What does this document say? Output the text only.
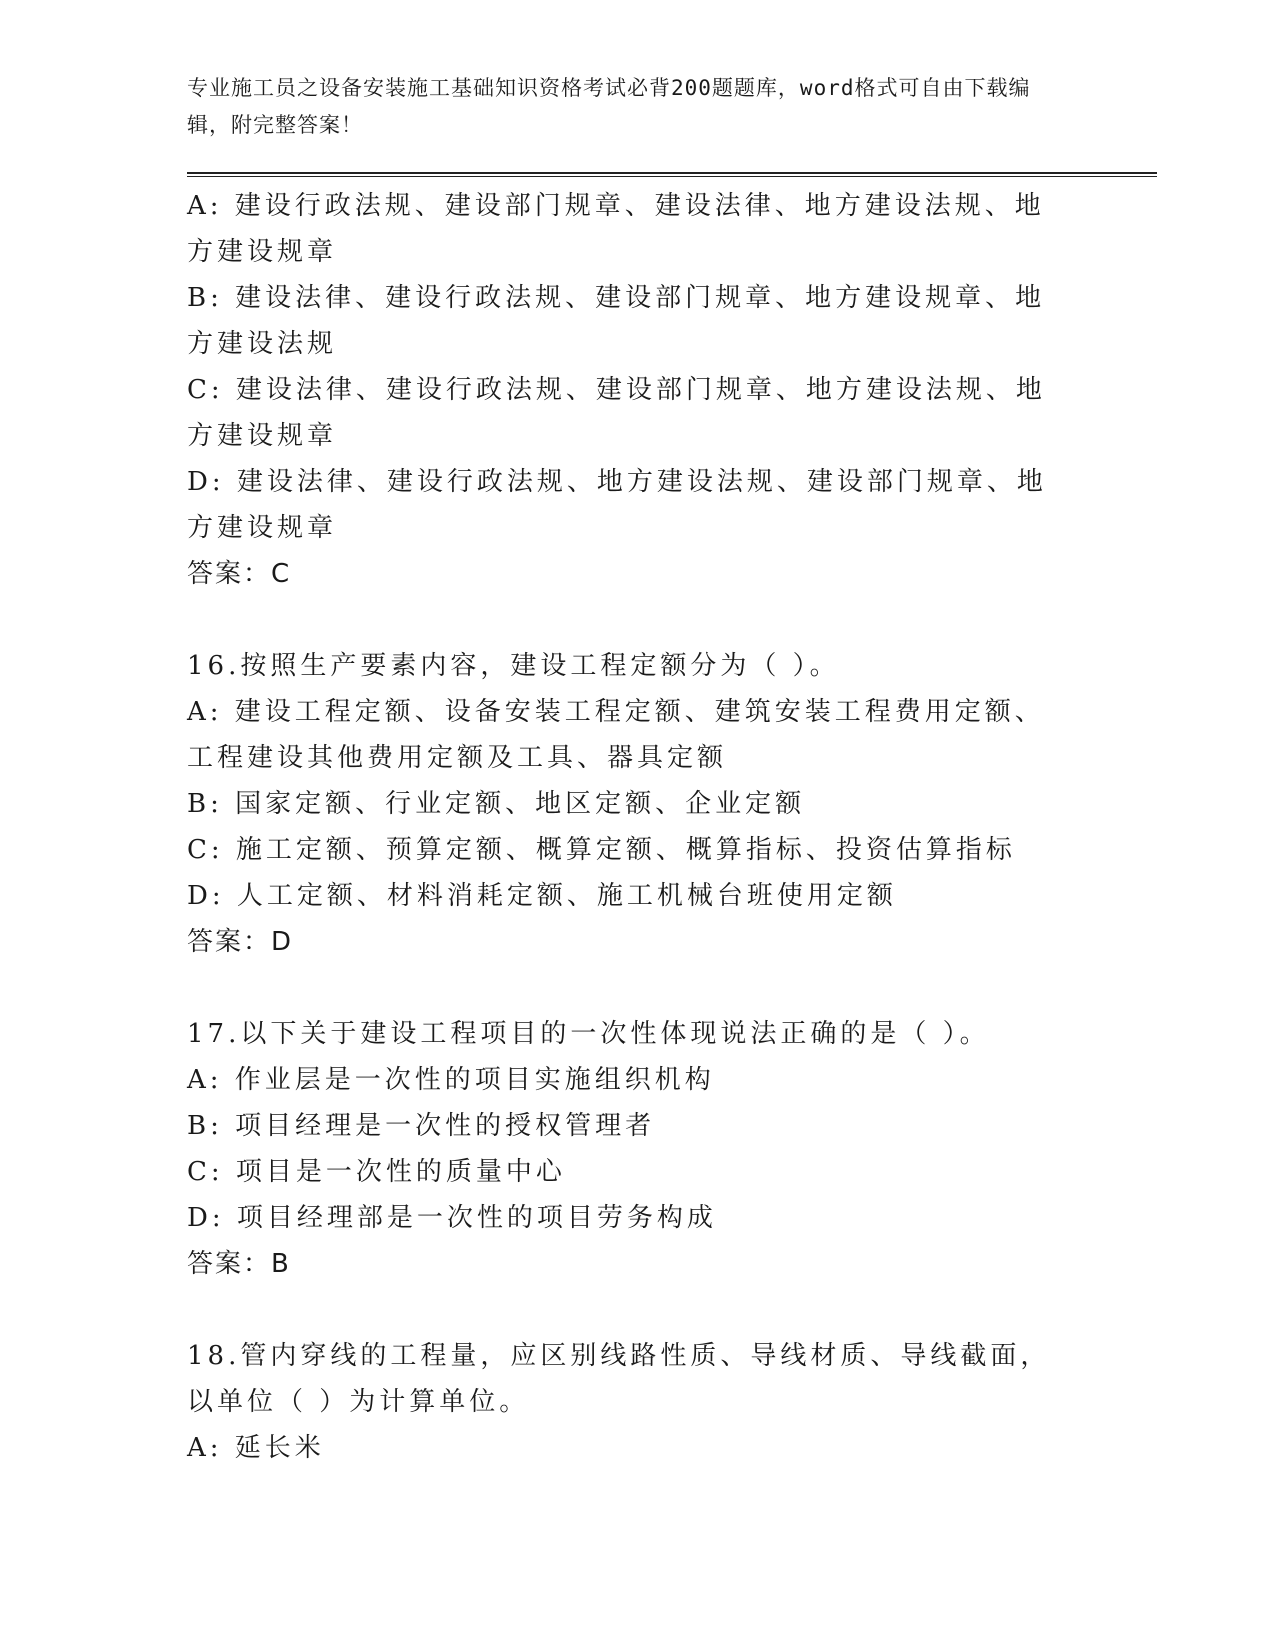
专业施工员之设备安装施工基础知识资格考试必背200题题库，word格式可自由下载编辑，附完整答案！

A: 建设行政法规、建设部门规章、建设法律、地方建设法规、地方建设规章

B: 建设法律、建设行政法规、建设部门规章、地方建设规章、地方建设法规

C: 建设法律、建设行政法规、建设部门规章、地方建设法规、地方建设规章

D: 建设法律、建设行政法规、地方建设法规、建设部门规章、地方建设规章

答案：C

16.按照生产要素内容，建设工程定额分为（ ）。

A: 建设工程定额、设备安装工程定额、建筑安装工程费用定额、工程建设其他费用定额及工具、器具定额

B: 国家定额、行业定额、地区定额、企业定额

C: 施工定额、预算定额、概算定额、概算指标、投资估算指标

D: 人工定额、材料消耗定额、施工机械台班使用定额

答案：D

17.以下关于建设工程项目的一次性体现说法正确的是（ ）。

A: 作业层是一次性的项目实施组织机构

B: 项目经理是一次性的授权管理者

C: 项目是一次性的质量中心

D: 项目经理部是一次性的项目劳务构成

答案：B

18.管内穿线的工程量，应区别线路性质、导线材质、导线截面，以单位（ ）为计算单位。

A: 延长米
